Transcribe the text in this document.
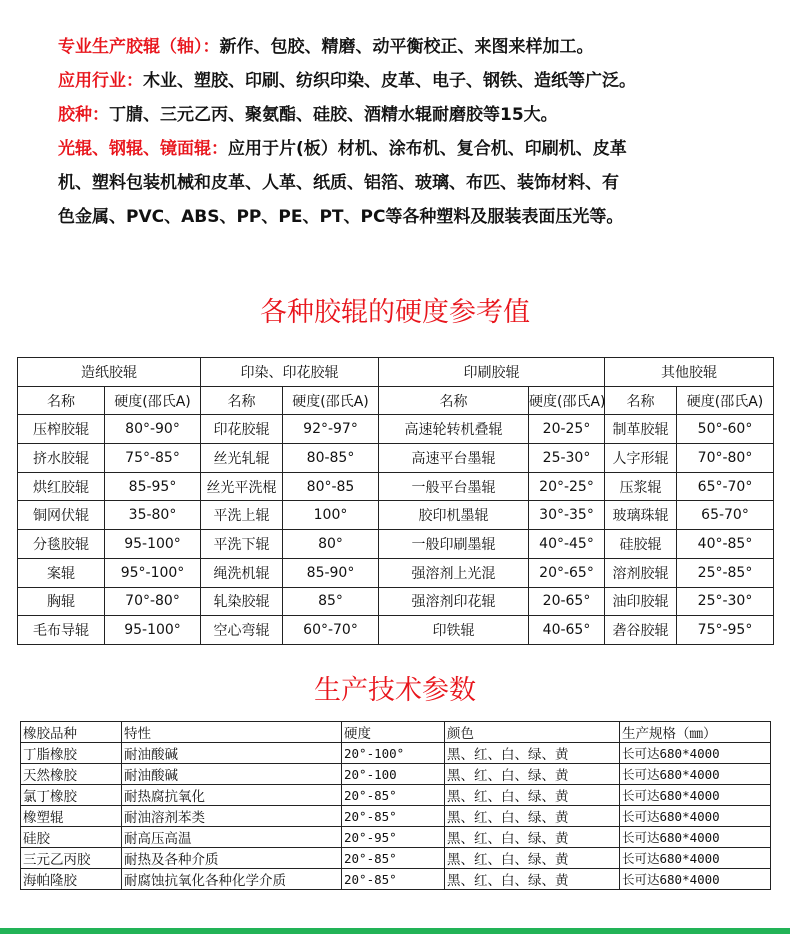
专业生产胶辊（轴）：新作、包胶、精磨、动平衡校正、来图来样加工。

应用行业：木业、塑胶、印刷、纺织印染、皮革、电子、钢铁、造纸等广泛。

胶种：丁腈、三元乙丙、聚氨酯、硅胶、酒精水辊耐磨胶等15大。

光辊、钢辊、镜面辊：应用于片(板）材机、涂布机、复合机、印刷机、皮革

机、塑料包装机械和皮革、人革、纸质、铝箔、玻璃、布匹、装饰材料、有

色金属、PVC、ABS、PP、PE、PT、PC等各种塑料及服装表面压光等。

各种胶辊的硬度参考值
造纸胶辊		印染、印花胶辊		印刷胶辊		其他胶辊	
名称	硬度(邵氏A)	名称	硬度(邵氏A)	名称	硬度(邵氏A)	名称	硬度(邵氏A)
压榨胶辊	80°-90°	印花胶辊	92°-97°	高速轮转机叠辊	20-25°	制革胶辊	50°-60°
挤水胶辊	75°-85°	丝光轧辊	80-85°	高速平台墨辊	25-30°	人字形辊	70°-80°
烘红胶辊	85-95°	丝光平洗棍	80°-85	一般平台墨辊	20°-25°	压浆辊	65°-70°
铜网伏辊	35-80°	平洗上辊	100°	胶印机墨辊	30°-35°	玻璃珠辊	65-70°
分毯胶辊	95-100°	平洗下辊	80°	一般印刷墨辊	40°-45°	硅胶辊	40°-85°
案辊	95°-100°	绳洗机辊	85-90°	强溶剂上光混	20°-65°	溶剂胶辊	25°-85°
胸辊	70°-80°	轧染胶辊	85°	强溶剂印花辊	20-65°	油印胶辊	25°-30°
毛布导辊	95-100°	空心弯辊	60°-70°	印铁辊	40-65°	砻谷胶辊	75°-95°
生产技术参数
橡胶品种	特性	硬度	颜色	生产规格（㎜）
丁脂橡胶	耐油酸碱	20°-100°	黑、红、白、绿、黄	长可达680*4000
天然橡胶	耐油酸碱	20°-100	黑、红、白、绿、黄	长可达680*4000
氯丁橡胶	耐热腐抗氧化	20°-85°	黑、红、白、绿、黄	长可达680*4000
橡塑辊	耐油溶剂苯类	20°-85°	黑、红、白、绿、黄	长可达680*4000
硅胶	耐高压高温	20°-95°	黑、红、白、绿、黄	长可达680*4000
三元乙丙胶	耐热及各种介质	20°-85°	黑、红、白、绿、黄	长可达680*4000
海帕隆胶	耐腐蚀抗氧化各种化学介质	20°-85°	黑、红、白、绿、黄	长可达680*4000
